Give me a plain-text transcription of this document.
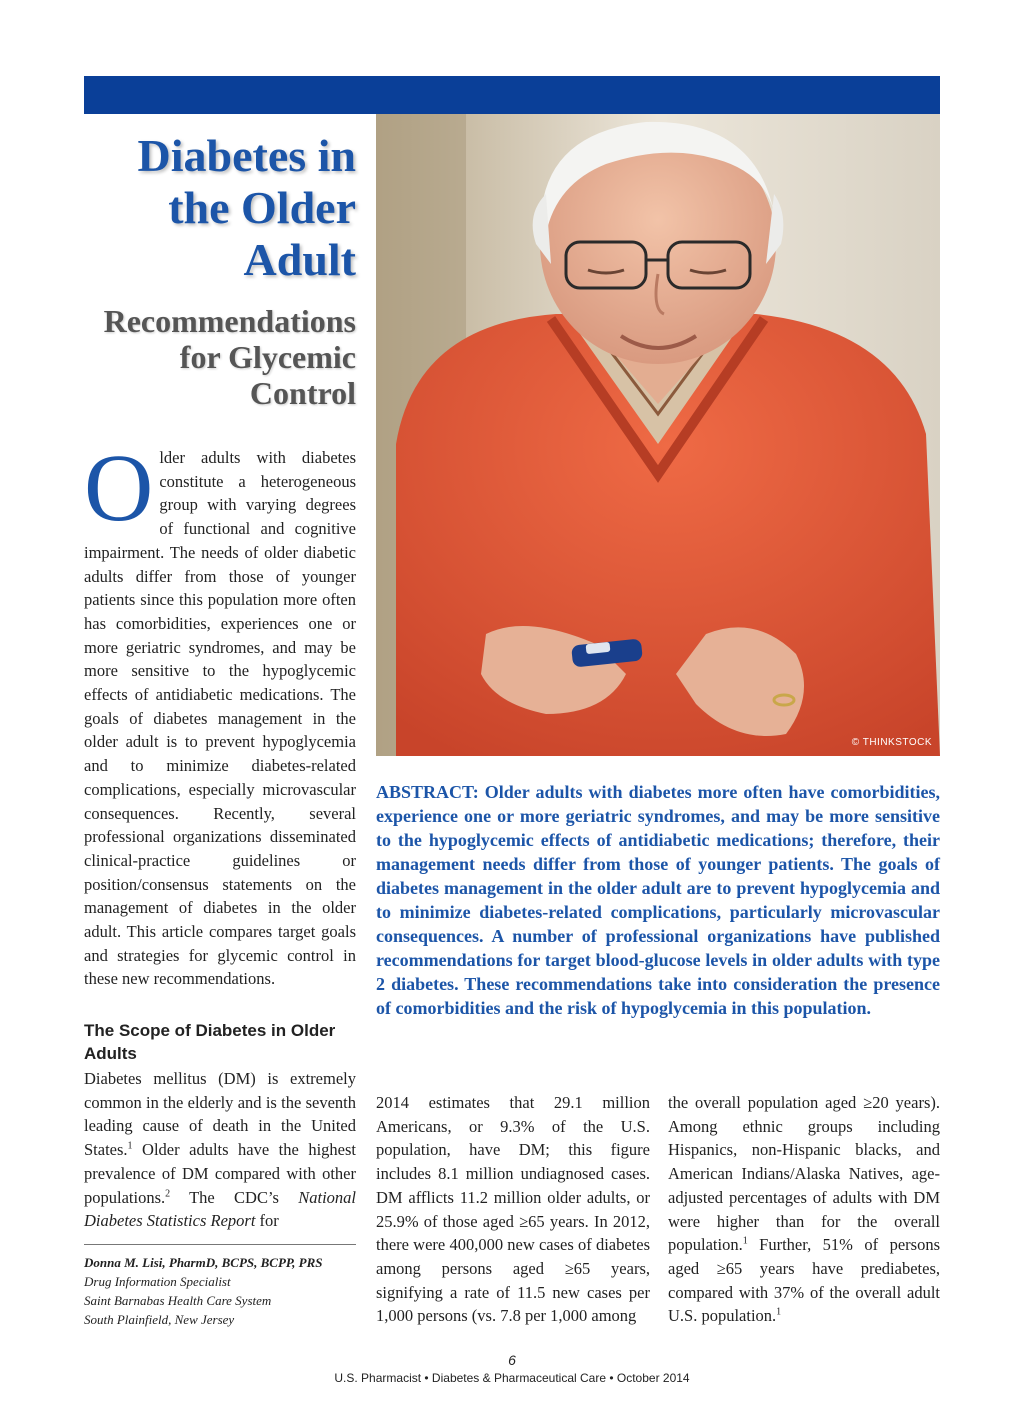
© THINKSTOCK
Diabetes in the Older Adult
Recommendations for Glycemic Control
Older adults with diabetes constitute a heterogeneous group with varying degrees of functional and cognitive impairment. The needs of older diabetic adults differ from those of younger patients since this population more often has comorbidities, experiences one or more geriatric syndromes, and may be more sensitive to the hypoglycemic effects of antidiabetic medications. The goals of diabetes management in the older adult is to prevent hypoglycemia and to minimize diabetes-related complications, especially microvascular consequences. Recently, several professional organizations disseminated clinical-practice guidelines or position/consensus statements on the management of diabetes in the older adult. This article compares target goals and strategies for glycemic control in these new recommendations.
The Scope of Diabetes in Older Adults
Diabetes mellitus (DM) is extremely common in the elderly and is the seventh leading cause of death in the United States.$^1$ Older adults have the highest prevalence of DM compared with other populations.$^2$ The CDC’s National Diabetes Statistics Report for
Donna M. Lisi, PharmD, BCPS, BCPP, PRS
Drug Information Specialist
Saint Barnabas Health Care System
South Plainfield, New Jersey
ABSTRACT: Older adults with diabetes more often have comorbidities, experience one or more geriatric syndromes, and may be more sensitive to the hypoglycemic effects of antidiabetic medications; therefore, their management needs differ from those of younger patients. The goals of diabetes management in the older adult are to prevent hypoglycemia and to minimize diabetes-related complications, particularly microvascular consequences. A number of professional organizations have published recommendations for target blood-glucose levels in older adults with type 2 diabetes. These recommendations take into consideration the presence of comorbidities and the risk of hypoglycemia in this population.
2014 estimates that 29.1 million Americans, or 9.3% of the U.S. population, have DM; this figure includes 8.1 million undiagnosed cases. DM afflicts 11.2 million older adults, or 25.9% of those aged ≥65 years. In 2012, there were 400,000 new cases of diabetes among persons aged ≥65 years, signifying a rate of 11.5 new cases per 1,000 persons (vs. 7.8 per 1,000 among
the overall population aged ≥20 years). Among ethnic groups including Hispanics, non-Hispanic blacks, and American Indians/Alaska Natives, age-adjusted percentages of adults with DM were higher than for the overall population.$^1$ Further, 51% of persons aged ≥65 years have prediabetes, compared with 37% of the overall adult U.S. population.$^1$
6
U.S. Pharmacist • Diabetes & Pharmaceutical Care • October 2014
